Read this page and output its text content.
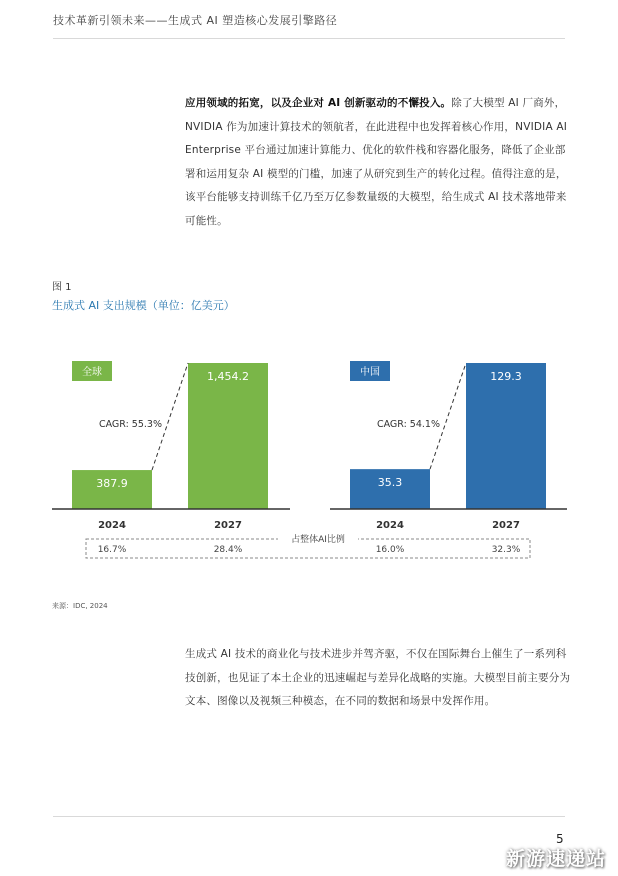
技术革新引领未来——生成式 AI 塑造核心发展引擎路径
应用领域的拓宽，以及企业对 AI 创新驱动的不懈投入。除了大模型 AI 厂商外，NVIDIA 作为加速计算技术的领航者，在此进程中也发挥着核心作用，NVIDIA AI Enterprise 平台通过加速计算能力、优化的软件栈和容器化服务，降低了企业部署和运用复杂 AI 模型的门槛，加速了从研究到生产的转化过程。值得注意的是，该平台能够支持训练千亿乃至万亿参数量级的大模型，给生成式 AI 技术落地带来可能性。
图 1
生成式 AI 支出规模（单位：亿美元）
387.9
2024
1,454.2
2027
全球
CAGR: 55.3%
16.7%	28.4%
35.3
2024
129.3
2027
中国
CAGR: 54.1%
16.0%	32.3%
占整体AI比例
来源：IDC, 2024
生成式 AI 技术的商业化与技术进步并驾齐驱，不仅在国际舞台上催生了一系列科技创新，也见证了本土企业的迅速崛起与差异化战略的实施。大模型目前主要分为文本、图像以及视频三种模态，在不同的数据和场景中发挥作用。
5
新游速递站
